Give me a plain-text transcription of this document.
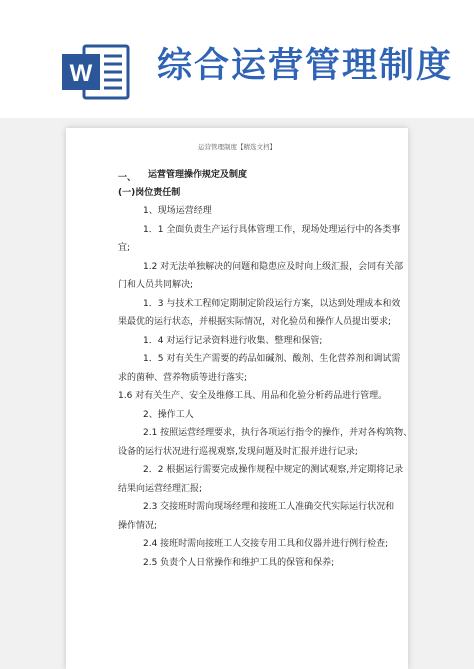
W 综合运营管理制度
运营管理制度【精选文档】
一、 运营管理操作规定及制度
(一)岗位责任制
1、现场运营经理
1．1 全面负责生产运行具体管理工作，现场处理运行中的各类事
宜;
1.2 对无法单独解决的问题和隐患应及时向上级汇报，会同有关部
门和人员共同解决;
1．3 与技术工程师定期制定阶段运行方案，以达到处理成本和效
果最优的运行状态，并根据实际情况，对化验员和操作人员提出要求;
1．4 对运行记录资料进行收集、整理和保管;
1．5 对有关生产需要的药品如碱剂、酸剂、生化营养剂和调试需
求的菌种、营养物质等进行落实;
1.6 对有关生产、安全及维修工具、用品和化验分析药品进行管理。
2、操作工人
2.1 按照运营经理要求，执行各项运行指令的操作，并对各构筑物、
设备的运行状况进行巡视观察,发现问题及时汇报并进行记录;
2．2 根据运行需要完成操作规程中规定的测试观察,并定期将记录
结果向运营经理汇报;
2.3 交接班时需向现场经理和接班工人准确交代实际运行状况和
操作情况;
2.4 接班时需向接班工人交接专用工具和仪器并进行例行检查;
2.5 负责个人日常操作和维护工具的保管和保养;
